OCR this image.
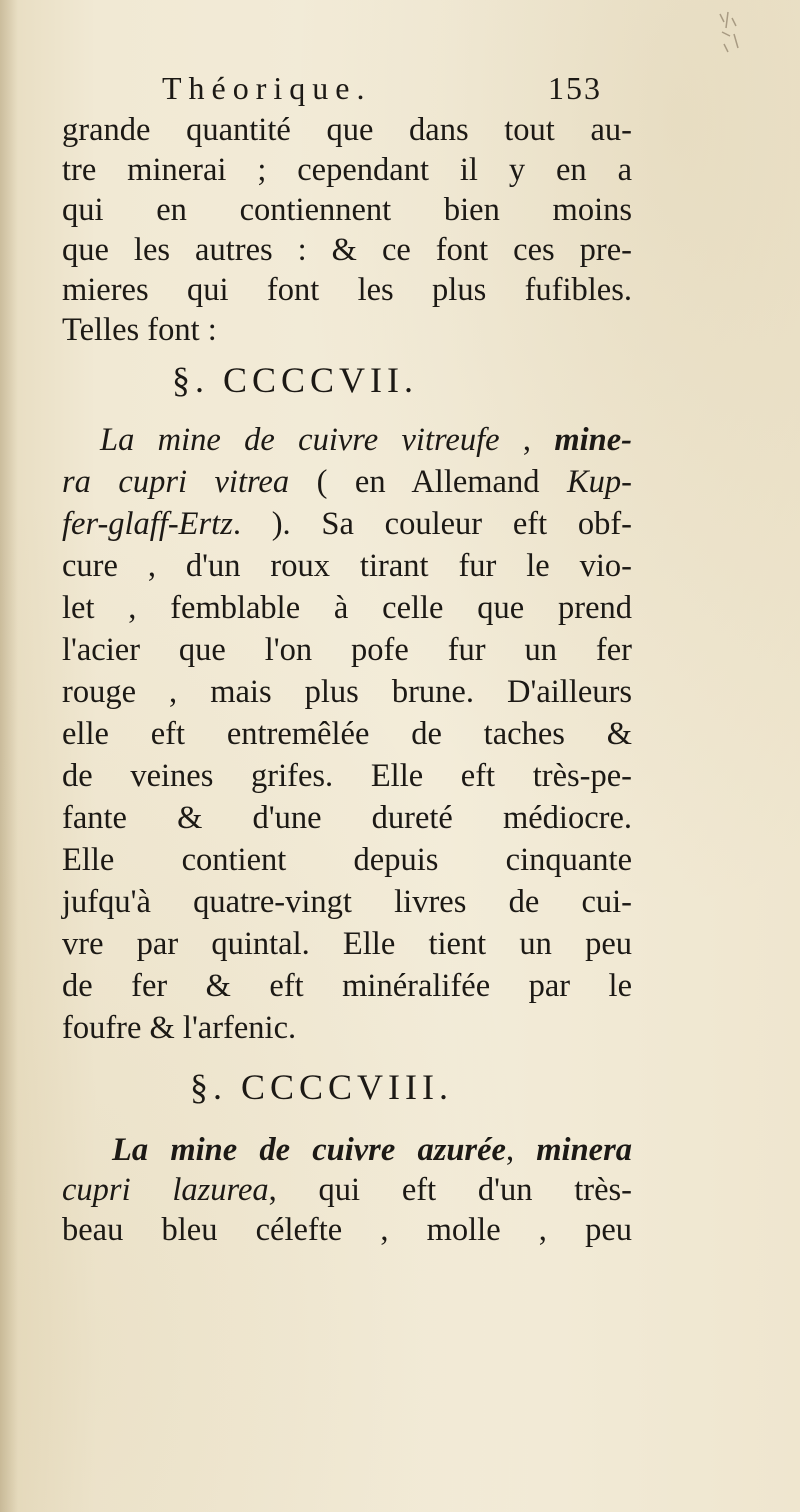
Théorique.	153
grande quantité que dans tout au-
tre minerai ; cependant il y en a
qui en contiennent bien moins
que les autres : & ce font ces pre-
mieres qui font les plus fufibles.
Telles font :
§. CCCCVII.
La mine de cuivre vitreufe , mine-
ra cupri vitrea ( en Allemand Kup-
fer-glaff-Ertz. ). Sa couleur eft obf-
cure , d'un roux tirant fur le vio-
let , femblable à celle que prend
l'acier que l'on pofe fur un fer
rouge , mais plus brune. D'ailleurs
elle eft entremêlée de taches &
de veines grifes. Elle eft très-pe-
fante & d'une dureté médiocre.
Elle contient depuis cinquante
jufqu'à quatre-vingt livres de cui-
vre par quintal. Elle tient un peu
de fer & eft minéralifée par le
foufre & l'arfenic.
§. CCCCVIII.
La mine de cuivre azurée, minera
cupri lazurea, qui eft d'un très-
beau bleu célefte , molle , peu
